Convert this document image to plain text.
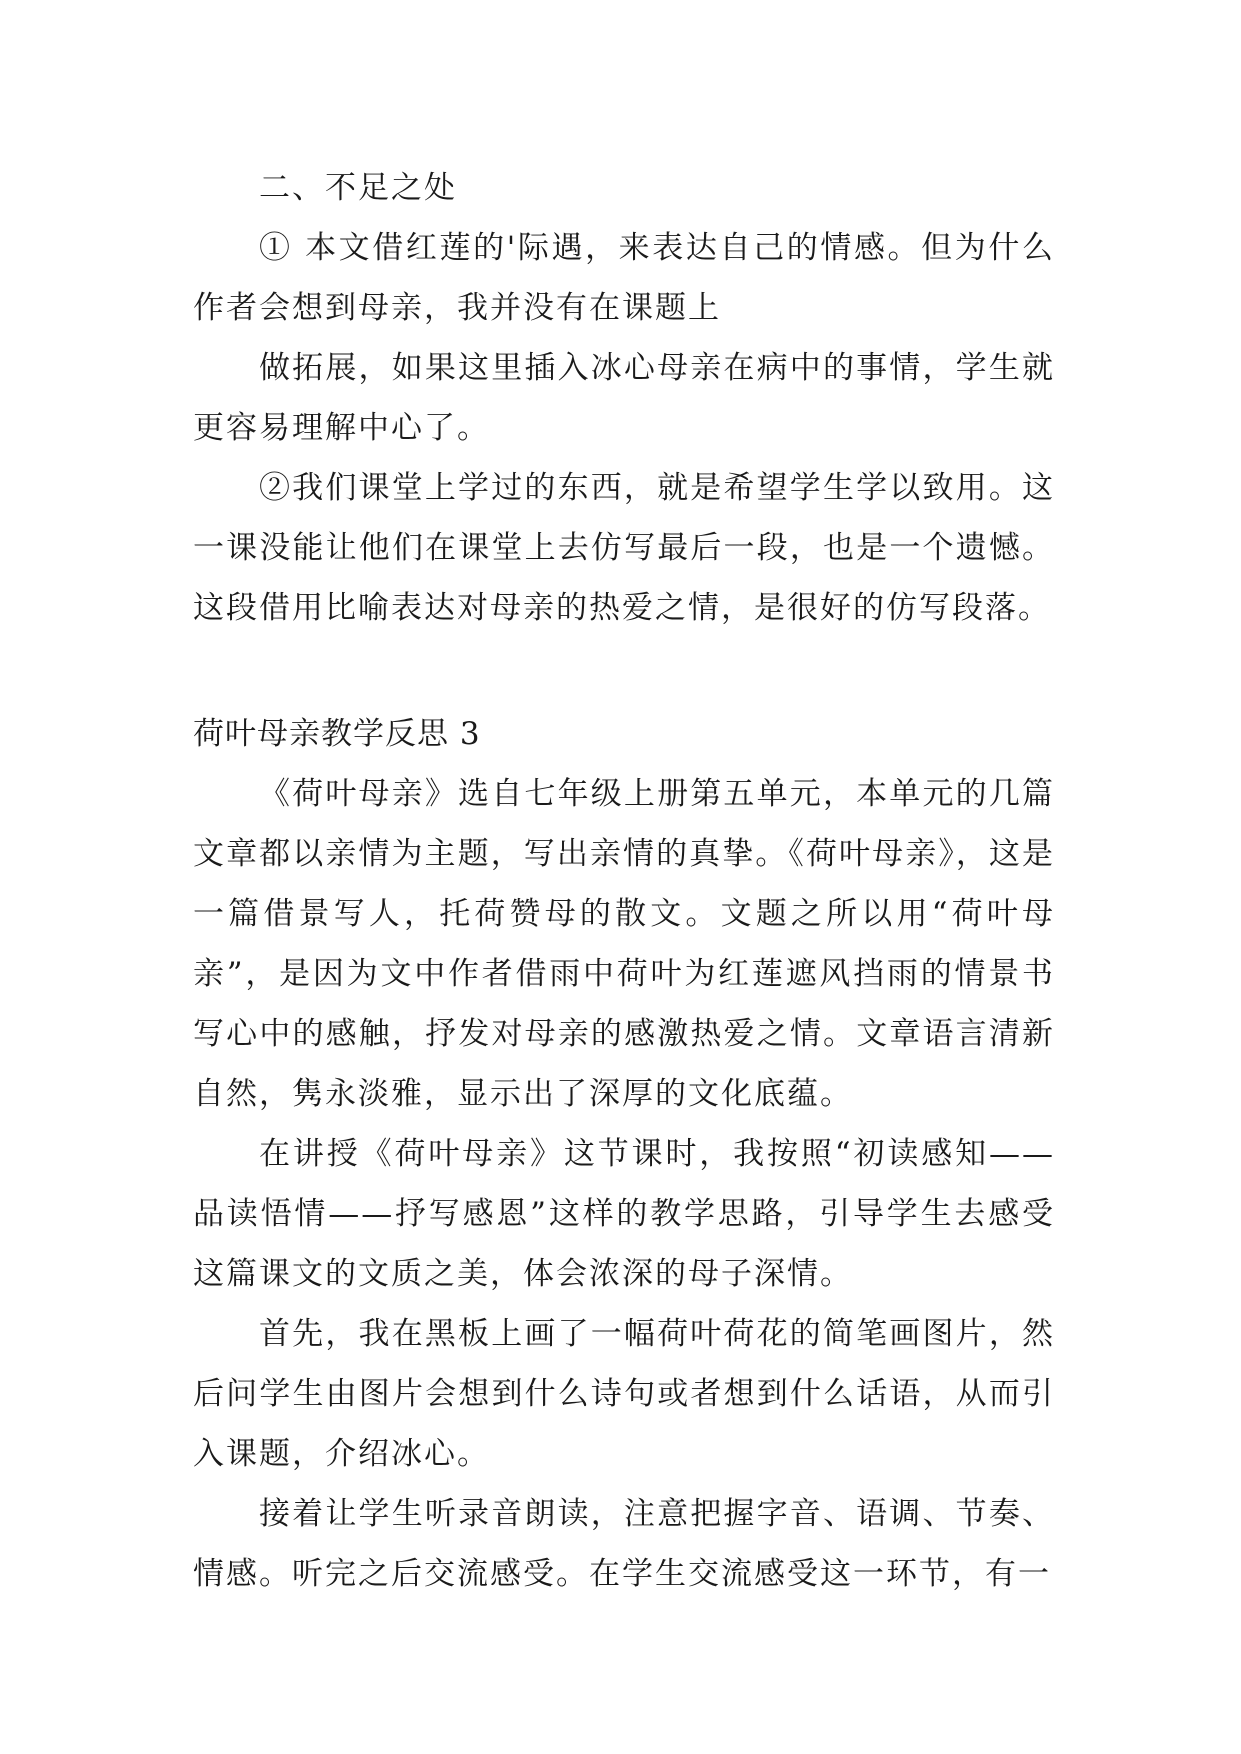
二、不足之处

① 本文借红莲的'际遇，来表达自己的情感。但为什么作者会想到母亲，我并没有在课题上

做拓展，如果这里插入冰心母亲在病中的事情，学生就更容易理解中心了。

②我们课堂上学过的东西，就是希望学生学以致用。这一课没能让他们在课堂上去仿写最后一段，也是一个遗憾。这段借用比喻表达对母亲的热爱之情，是很好的仿写段落。

荷叶母亲教学反思 3

《荷叶母亲》选自七年级上册第五单元，本单元的几篇文章都以亲情为主题，写出亲情的真挚。《荷叶母亲》，这是一篇借景写人，托荷赞母的散文。文题之所以用“荷叶母亲”，是因为文中作者借雨中荷叶为红莲遮风挡雨的情景书写心中的感触，抒发对母亲的感激热爱之情。文章语言清新自然，隽永淡雅，显示出了深厚的文化底蕴。

在讲授《荷叶母亲》这节课时，我按照“初读感知——品读悟情——抒写感恩”这样的教学思路，引导学生去感受这篇课文的文质之美，体会浓深的母子深情。

首先，我在黑板上画了一幅荷叶荷花的简笔画图片，然后问学生由图片会想到什么诗句或者想到什么话语，从而引入课题，介绍冰心。

接着让学生听录音朗读，注意把握字音、语调、节奏、情感。听完之后交流感受。在学生交流感受这一环节，有一
